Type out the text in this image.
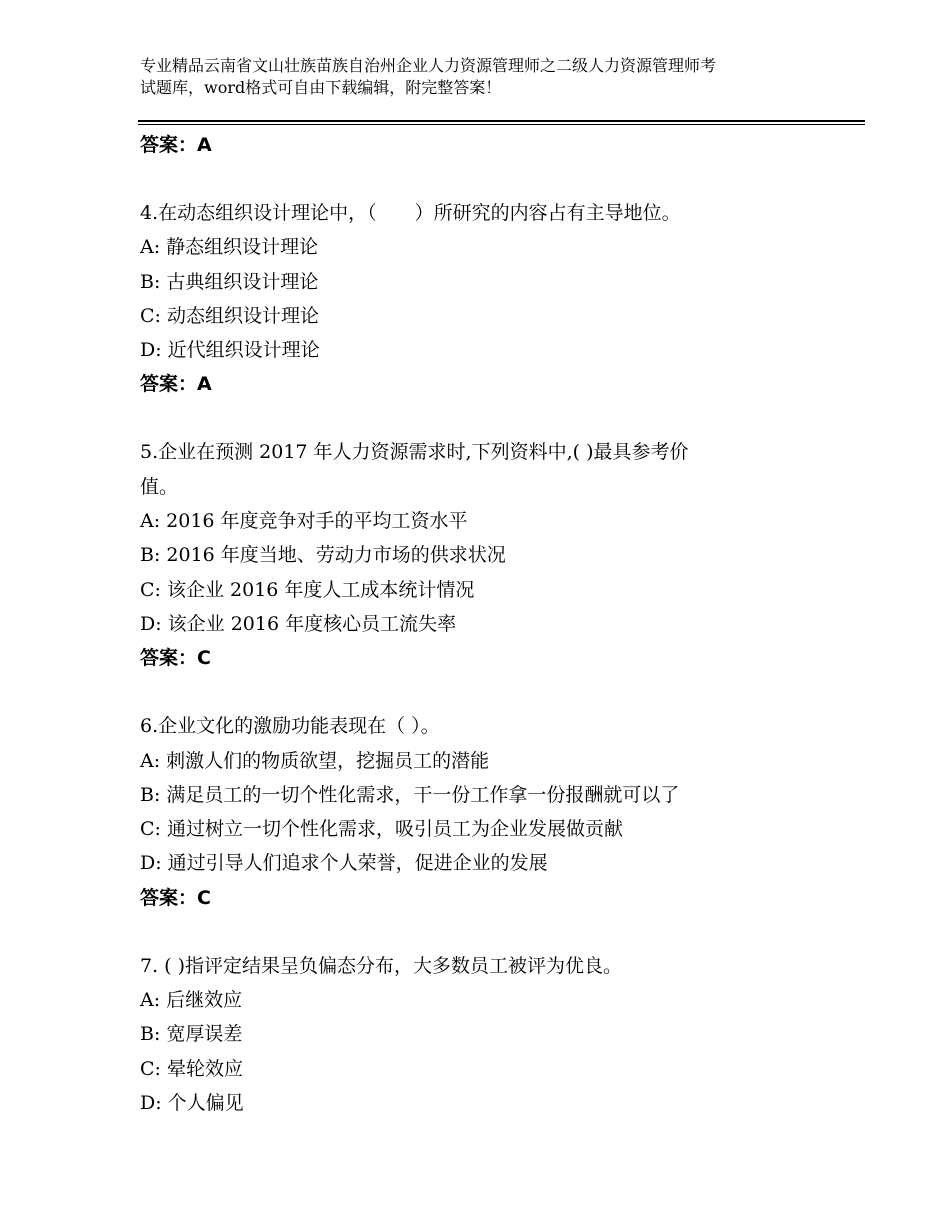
专业精品云南省文山壮族苗族自治州企业人力资源管理师之二级人力资源管理师考
试题库，word格式可自由下载编辑，附完整答案！
答案：A
4.在动态组织设计理论中，（　　）所研究的内容占有主导地位。
A: 静态组织设计理论
B: 古典组织设计理论
C: 动态组织设计理论
D: 近代组织设计理论
答案：A
5.企业在预测 2017 年人力资源需求时,下列资料中,( )最具参考价
值。
A: 2016 年度竞争对手的平均工资水平
B: 2016 年度当地、劳动力市场的供求状况
C: 该企业 2016 年度人工成本统计情况
D: 该企业 2016 年度核心员工流失率
答案：C
6.企业文化的激励功能表现在（ ）。
A: 刺激人们的物质欲望，挖掘员工的潜能
B: 满足员工的一切个性化需求，干一份工作拿一份报酬就可以了
C: 通过树立一切个性化需求，吸引员工为企业发展做贡献
D: 通过引导人们追求个人荣誉，促进企业的发展
答案：C
7. ( )指评定结果呈负偏态分布，大多数员工被评为优良。
A: 后继效应
B: 宽厚误差
C: 晕轮效应
D: 个人偏见
